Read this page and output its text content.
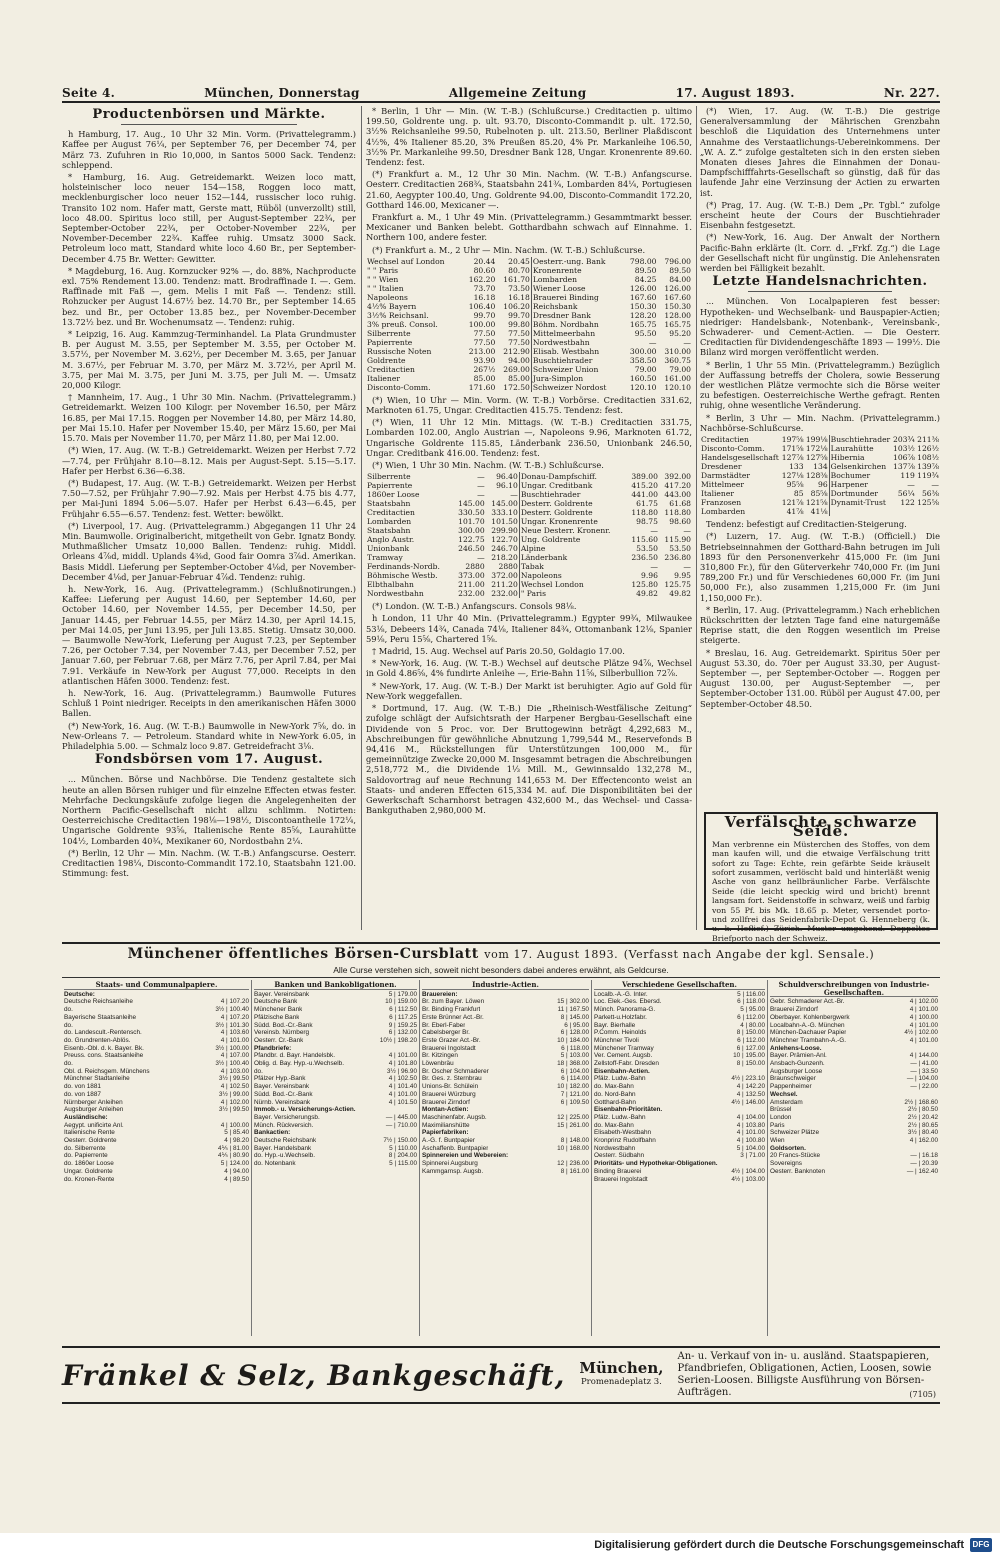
Seite 4.	München, Donnerstag	Allgemeine Zeitung	17. August 1893.	Nr. 227.
Productenbörsen und Märkte.

h Hamburg, 17. Aug., 10 Uhr 32 Min. Vorm. (Privattelegramm.) Kaffee per August 76¼, per September 76, per December 74, per März 73. Zufuhren in Rio 10,000, in Santos 5000 Sack. Tendenz: schleppend.

* Hamburg, 16. Aug. Getreidemarkt. Weizen loco matt, holsteinischer loco neuer 154—158, Roggen loco matt, mecklenburgischer loco neuer 152—144, russischer loco ruhig. Transito 102 nom. Hafer matt, Gerste matt, Rüböl (unverzollt) still, loco 48.00. Spiritus loco still, per August-September 22¾, per September-October 22¾, per October-November 22¾, per November-December 22¾. Kaffee ruhig. Umsatz 3000 Sack. Petroleum loco matt, Standard white loco 4.60 Br., per September-December 4.75 Br. Wetter: Gewitter.

* Magdeburg, 16. Aug. Kornzucker 92% —, do. 88%, Nachproducte exl. 75% Rendement 13.00. Tendenz: matt. Brodraffinade I. —. Gem. Raffinade mit Faß —, gem. Melis I mit Faß —. Tendenz: still. Rohzucker per August 14.67½ bez. 14.70 Br., per September 14.65 bez. und Br., per October 13.85 bez., per November-December 13.72½ bez. und Br. Wochenumsatz —. Tendenz: ruhig.

* Leipzig, 16. Aug. Kammzug-Terminhandel. La Plata Grundmuster B. per August M. 3.55, per September M. 3.55, per October M. 3.57½, per November M. 3.62½, per December M. 3.65, per Januar M. 3.67½, per Februar M. 3.70, per März M. 3.72½, per April M. 3.75, per Mai M. 3.75, per Juni M. 3.75, per Juli M. —. Umsatz 20,000 Kilogr.

† Mannheim, 17. Aug., 1 Uhr 30 Min. Nachm. (Privattelegramm.) Getreidemarkt. Weizen 100 Kilogr. per November 16.50, per März 16.85, per Mai 17.15. Roggen per November 14.80, per März 14.80, per Mai 15.10. Hafer per November 15.40, per März 15.60, per Mai 15.70. Mais per November 11.70, per März 11.80, per Mai 12.00.

(*) Wien, 17. Aug. (W. T.-B.) Getreidemarkt. Weizen per Herbst 7.72—7.74, per Frühjahr 8.10—8.12. Mais per August-Sept. 5.15—5.17. Hafer per Herbst 6.36—6.38.

(*) Budapest, 17. Aug. (W. T.-B.) Getreidemarkt. Weizen per Herbst 7.50—7.52, per Frühjahr 7.90—7.92. Mais per Herbst 4.75 bis 4.77, per Mai-Juni 1894 5.06—5.07. Hafer per Herbst 6.43—6.45, per Frühjahr 6.55—6.57. Tendenz: fest. Wetter: bewölkt.

(*) Liverpool, 17. Aug. (Privattelegramm.) Abgegangen 11 Uhr 24 Min. Baumwolle. Originalbericht, mitgetheilt von Gebr. Ignatz Bondy. Muthmaßlicher Umsatz 10,000 Ballen. Tendenz: ruhig. Middl. Orleans 4⅞d, middl. Uplands 4⅜d, Good fair Oomra 3⅞d. Amerikan. Basis Middl. Lieferung per September-October 4⅛d, per November-December 4⅛d, per Januar-Februar 4⅞d. Tendenz: ruhig.

h. New-York, 16. Aug. (Privattelegramm.) (Schlußnotirungen.) Kaffee: Lieferung per August 14.60, per September 14.60, per October 14.60, per November 14.55, per December 14.50, per Januar 14.45, per Februar 14.55, per März 14.30, per April 14.15, per Mai 14.05, per Juni 13.95, per Juli 13.85. Stetig. Umsatz 30,000. — Baumwolle New-York, Lieferung per August 7.23, per September 7.26, per October 7.34, per November 7.43, per December 7.52, per Januar 7.60, per Februar 7.68, per März 7.76, per April 7.84, per Mai 7.91. Verkäufe in New-York per August 77,000. Receipts in den atlantischen Häfen 3000. Tendenz: fest.

h. New-York, 16. Aug. (Privattelegramm.) Baumwolle Futures Schluß 1 Point niedriger. Receipts in den amerikanischen Häfen 3000 Ballen.

(*) New-York, 16. Aug. (W. T.-B.) Baumwolle in New-York 7⅝, do. in New-Orleans 7. — Petroleum. Standard white in New-York 6.05, in Philadelphia 5.00. — Schmalz loco 9.87. Getreidefracht 3⅛.

Fondsbörsen vom 17. August.

... München. Börse und Nachbörse. Die Tendenz gestaltete sich heute an allen Börsen ruhiger und für einzelne Effecten etwas fester. Mehrfache Deckungskäufe zufolge liegen die Angelegenheiten der Northern Pacific-Gesellschaft nicht allzu schlimm. Notirten: Oesterreichische Creditactien 198⅛—198½, Discontoantheile 172¼, Ungarische Goldrente 93⅝, Italienische Rente 85⅝, Laurahütte 104½, Lombarden 40¾, Mexikaner 60, Nordostbahn 2¼.

(*) Berlin, 12 Uhr — Min. Nachm. (W. T.-B.) Anfangscurse. Oesterr. Creditactien 198¼, Disconto-Commandit 172.10, Staatsbahn 121.00. Stimmung: fest.

* Berlin, 1 Uhr — Min. (W. T.-B.) (Schlußcurse.) Creditactien p. ultimo 199.50, Goldrente ung. p. ult. 93.70, Disconto-Commandit p. ult. 172.50, 3½% Reichsanleihe 99.50, Rubelnoten p. ult. 213.50, Berliner Plaßdiscont 4½%, 4% Italiener 85.20, 3% Preußen 85.20, 4% Pr. Markanleihe 106.50, 3½% Pr. Markanleihe 99.50, Dresdner Bank 128, Ungar. Kronenrente 89.60. Tendenz: fest.

(*) Frankfurt a. M., 12 Uhr 30 Min. Nachm. (W. T.-B.) Anfangscurse. Oesterr. Creditactien 268¾, Staatsbahn 241¾, Lombarden 84¼, Portugiesen 21.60, Aegypter 100.40, Ung. Goldrente 94.00, Disconto-Commandit 172.20, Gotthard 146.00, Mexicaner —.

Frankfurt a. M., 1 Uhr 49 Min. (Privattelegramm.) Gesammtmarkt besser. Mexicaner und Banken belebt. Gotthardbahn schwach auf Einnahme. 1. Northern 100, andere fester.

(*) Frankfurt a. M., 2 Uhr — Min. Nachm. (W. T.-B.) Schlußcurse.

Wechsel auf London	20.44	20.45	Oesterr.-ung. Bank	798.00	796.00
" " Paris	80.60	80.70	Kronenrente	89.50	89.50
" " Wien	162.20	161.70	Lombarden	84.25	84.00
" " Italien	73.70	73.50	Wiener Loose	126.00	126.00
Napoleons	16.18	16.18	Brauerei Binding	167.60	167.60
4½% Bayern	106.40	106.20	Reichsbank	150.30	150.30
3½% Reichsanl.	99.70	99.70	Dresdner Bank	128.20	128.00
3% preuß. Consol.	100.00	99.80	Böhm. Nordbahn	165.75	165.75
Silberrente	77.50	77.50	Mittelmeerbahn	95.50	95.20
Papierrente	77.50	77.50	Nordwestbahn	—	—
Russische Noten	213.00	212.90	Elisab. Westbahn	300.00	310.00
Goldrente	93.90	94.00	Buschtiehrader	358.50	360.75
Creditactien	267½	269.00	Schweizer Union	79.00	79.00
Italiener	85.00	85.00	Jura-Simplon	160.50	161.00
Disconto-Comm.	171.60	172.50	Schweizer Nordost	120.10	120.10

(*) Wien, 10 Uhr — Min. Vorm. (W. T.-B.) Vorbörse. Creditactien 331.62, Marknoten 61.75, Ungar. Creditactien 415.75. Tendenz: fest.

(*) Wien, 11 Uhr 12 Min. Mittags. (W. T.-B.) Creditactien 331.75, Lombarden 102.00, Anglo Austrian —, Napoleons 9.96, Marknoten 61.72, Ungarische Goldrente 115.85, Länderbank 236.50, Unionbank 246.50, Ungar. Creditbank 416.00. Tendenz: fest.

(*) Wien, 1 Uhr 30 Min. Nachm. (W. T.-B.) Schlußcurse.

Silberrente	—	96.40	Donau-Dampfschiff.	389.00	392.00
Papierrente	—	96.10	Ungar. Creditbank	415.20	417.20
1860er Loose	—	—	Buschtiehrader	441.00	443.00
Staatsbahn	145.00	145.00	Desterr. Goldrente	61.75	61.68
Creditactien	330.50	333.10	Desterr. Goldrente	118.80	118.80
Lombarden	101.70	101.50	Ungar. Kronenrente	98.75	98.60
Staatsbahn	300.00	299.90	Neue Desterr. Kronenr.	—	—
Anglo Austr.	122.75	122.70	Ung. Goldrente	115.60	115.90
Unionbank	246.50	246.70	Alpine	53.50	53.50
Tramway	—	218.20	Länderbank	236.50	236.80
Ferdinands-Nordb.	2880	2880	Tabak	—	—
Böhmische Westb.	373.00	372.00	Napoleons	9.96	9.95
Elbthalbahn	211.00	211.20	Wechsel London	125.80	125.75
Nordwestbahn	232.00	232.00	" Paris	49.82	49.82

(*) London. (W. T.-B.) Anfangscurs. Consols 98⅛.

h London, 11 Uhr 40 Min. (Privattelegramm.) Egypter 99¾, Milwaukee 53⅛, Debeers 14¾, Canada 74⅛, Italiener 84¾, Ottomanbank 12⅛, Spanier 59⅛, Peru 15⅝, Chartered 1⅝.

† Madrid, 15. Aug. Wechsel auf Paris 20.50, Goldagio 17.00.

* New-York, 16. Aug. (W. T.-B.) Wechsel auf deutsche Plätze 94⅞, Wechsel in Gold 4.86⅝, 4% fundirte Anleihe —, Erie-Bahn 11⅝, Silberbullion 72⅞.

* New-York, 17. Aug. (W. T.-B.) Der Markt ist beruhigter. Agio auf Gold für New-York weggefallen.

* Dortmund, 17. Aug. (W. T.-B.) Die „Rheinisch-Westfälische Zeitung“ zufolge schlägt der Aufsichtsrath der Harpener Bergbau-Gesellschaft eine Dividende von 5 Proc. vor. Der Bruttogewinn beträgt 4,292,683 M., Abschreibungen für gewöhnliche Abnutzung 1,799,544 M., Reservefonds B 94,416 M., Rückstellungen für Unterstützungen 100,000 M., für gemeinnützige Zwecke 20,000 M. Insgesammt betragen die Abschreibungen 2,518,772 M., die Dividende 1⅓ Mill. M., Gewinnsaldo 132,278 M., Saldovortrag auf neue Rechnung 141,653 M. Der Effectenconto weist an Staats- und anderen Effecten 615,334 M. auf. Die Disponibilitäten bei der Gewerkschaft Scharnhorst betragen 432,600 M., das Wechsel- und Cassa-Bankguthaben 2,980,000 M.

(*) Wien, 17. Aug. (W. T.-B.) Die gestrige Generalversammlung der Mährischen Grenzbahn beschloß die Liquidation des Unternehmens unter Annahme des Verstaatlichungs-Uebereinkommens. Der „W. A. Z.“ zufolge gestalteten sich in den ersten sieben Monaten dieses Jahres die Einnahmen der Donau-Dampfschifffahrts-Gesellschaft so günstig, daß für das laufende Jahr eine Verzinsung der Actien zu erwarten ist.

(*) Prag, 17. Aug. (W. T.-B.) Dem „Pr. Tgbl.“ zufolge erscheint heute der Cours der Buschtiehrader Eisenbahn festgesetzt.

(*) New-York, 16. Aug. Der Anwalt der Northern Pacific-Bahn erklärte (lt. Corr. d. „Frkf. Zg.“) die Lage der Gesellschaft nicht für ungünstig. Die Anlehensraten werden bei Fälligkeit bezahlt.

Letzte Handelsnachrichten.

... München. Von Localpapieren fest besser: Hypotheken- und Wechselbank- und Bauspapier-Actien; niedriger: Handelsbank-, Notenbank-, Vereinsbank-, Schwaderer- und Cement-Actien. — Die Oesterr. Creditactien für Dividendengeschäfte 1893 — 199½. Die Bilanz wird morgen veröffentlicht werden.

* Berlin, 1 Uhr 55 Min. (Privattelegramm.) Bezüglich der Auffassung betreffs der Cholera, sowie Besserung der westlichen Plätze vermochte sich die Börse weiter zu befestigen. Oesterreichische Werthe gefragt. Renten ruhig, ohne wesentliche Veränderung.

* Berlin, 3 Uhr — Min. Nachm. (Privattelegramm.) Nachbörse-Schlußcurse.

Creditactien	197⅝	199⅛	Buschtiehrader	203¾	211⅜
Disconto-Comm.	171⅝	172⅛	Laurahütte	103½	126½
Handelsgesellschaft	127⅞	127⅝	Hibernia	106⅞	108½
Dresdener	133	134	Gelsenkirchen	137⅞	139⅞
Darmstädter	127⅛	128⅜	Bochumer	119	119¾
Mittelmeer	95⅝	96	Harpener	—	—
Italiener	85	85⅝	Dortmunder	56¼	56⅜
Franzosen	121⅞	121⅝	Dynamit-Trust	122	125⅝
Lombarden	41⅞	41⅛			

Tendenz: befestigt auf Creditactien-Steigerung.

(*) Luzern, 17. Aug. (W. T.-B.) (Officiell.) Die Betriebseinnahmen der Gotthard-Bahn betrugen im Juli 1893 für den Personenverkehr 415,000 Fr. (im Juni 310,800 Fr.), für den Güterverkehr 740,000 Fr. (im Juni 789,200 Fr.) und für Verschiedenes 60,000 Fr. (im Juni 50,000 Fr.), also zusammen 1,215,000 Fr. (im Juni 1,150,000 Fr.).

* Berlin, 17. Aug. (Privattelegramm.) Nach erheblichen Rückschritten der letzten Tage fand eine naturgemäße Reprise statt, die den Roggen wesentlich im Preise steigerte.

* Breslau, 16. Aug. Getreidemarkt. Spiritus 50er per August 53.30, do. 70er per August 33.30, per August-September —, per September-October —. Roggen per August 130.00, per August-September —, per September-October 131.00. Rüböl per August 47.00, per September-October 48.50.

Verfälschte schwarze Seide.
Man verbrenne ein Müsterchen des Stoffes, von dem man kaufen will, und die etwaige Verfälschung tritt sofort zu Tage: Echte, rein gefärbte Seide kräuselt sofort zusammen, verlöscht bald und hinterläßt wenig Asche von ganz hellbräunlicher Farbe. Verfälschte Seide (die leicht speckig wird und bricht) brennt langsam fort. Seidenstoffe in schwarz, weiß und farbig von 55 Pf. bis Mk. 18.65 p. Meter, versendet porto- und zollfrei das Seidenfabrik-Depot G. Henneberg (k. u. k. Hoflief.) Zürich. Muster umgehend. Doppeltes Briefporto nach der Schweiz.
Münchener öffentliches Börsen-Cursblatt vom 17. August 1893. (Verfasst nach Angabe der kgl. Sensale.)
Alle Curse verstehen sich, soweit nicht besonders dabei anderes erwähnt, als Geldcurse.
Staats- und Communalpapiere.
Deutsche:
Deutsche Reichsanleihe	4 | 107.20
do.	3½ | 100.40
Bayerische Staatsanleihe	4 | 107.20
do.	3½ | 101.30
do. Landescult.-Rentensch.	4 | 103.60
do. Grundrenten-Ablös.	4 | 101.00
Eisenb.-Obl. d. k. Bayer. Bk.	3½ | 100.00
Preuss. cons. Staatsanleihe	4 | 107.00
do.	3½ | 100.40
Obl. d. Reichsgem. Münchens	4 | 103.00
Münchner Stadtanleihe	3½ | 99.50
do. von 1881	4 | 102.50
do. von 1887	3½ | 99.00
Nürnberger Anleihen	4 | 102.00
Augsburger Anleihen	3½ | 99.50
Ausländische:
Aegypt. unificirte Anl.	4 | 100.00
Italienische Rente	5 | 85.40
Oesterr. Goldrente	4 | 98.20
do. Silberrente	4⅕ | 81.00
do. Papierrente	4⅕ | 80.90
do. 1860er Loose	5 | 124.00
Ungar. Goldrente	4 | 94.00
do. Kronen-Rente	4 | 89.50
Banken und Bankobligationen.
Bayer. Vereinsbank	5 | 179.00
Deutsche Bank	10 | 159.00
Münchener Bank	6 | 112.50
Pfälzische Bank	6 | 117.25
Südd. Bod.-Cr.-Bank	9 | 159.25
Vereinsb. Nürnberg	6 | 132.00
Oesterr. Cr.-Bank	10½ | 198.20
Pfandbriefe:
Pfandbr. d. Bayr. Handelsbk.	4 | 101.00
Oblig. d. Bay. Hyp.-u.Wechselb.	4 | 101.80
do.	3½ | 96.90
Pfälzer Hyp.-Bank	4 | 102.50
Bayer. Vereinsbank	4 | 101.40
Südd. Bod.-Cr.-Bank	4 | 101.00
Nürnb. Vereinsbank	4 | 101.50
Immob.- u. Versicherungs-Actien.
Bayer. Versicherungsb.	— | 445.00
Münch. Rückversich.	— | 710.00
Bankactien:
Deutsche Reichsbank	7½ | 150.00
Bayer. Handelsbank	5 | 110.00
do. Hyp.-u.Wechselb.	8 | 204.00
do. Notenbank	5 | 115.00
Industrie-Actien.
Brauereien:
Br. zum Bayer. Löwen	15 | 302.00
Br. Binding Frankfurt	11 | 167.50
Erste Brünner Act.-Br.	8 | 145.00
Br. Eberl-Faber	6 | 95.00
Cabelsberger Br.	6 | 128.00
Erste Grazer Act.-Br.	10 | 184.00
Brauerei Ingolstadt	6 | 118.00
Br. Kitzingen	5 | 103.00
Löwenbräu	18 | 368.00
Br. Oscher Schmaderer	6 | 104.00
Br. Ges. z. Sternbrau	6 | 114.00
Unions-Br. Schülein	10 | 182.00
Brauerei Würzburg	7 | 121.00
Brauerei Zirndorf	6 | 109.50
Montan-Actien:
Maschinenfabr. Augsb.	12 | 225.00
Maximilianshütte	15 | 261.00
Papierfabriken:
A.-G. f. Buntpapier	8 | 148.00
Aschaffenb. Buntpapier	10 | 168.00
Spinnereien und Webereien:
Spinnerei Augsburg	12 | 236.00
Kammgarnsp. Augsb.	8 | 161.00
Verschiedene Gesellschaften.
Localb.-A.-G. Inter.	5 | 116.00
Loc. Elek.-Ges. Ebersd.	6 | 118.00
Münch. Panorama-G.	5 | 95.00
Parkett-u.Holzfabr.	6 | 112.00
Bayr. Bierhalle	4 | 80.00
P.Comm. Heinolds	8 | 150.00
Münchner Tivoli	6 | 112.00
Münchener Tramway	6 | 127.00
Ver. Cement. Augsb.	10 | 195.00
Zellstoff-Fabr. Dresden	8 | 150.00
Eisenbahn-Actien.
Pfälz. Ludw.-Bahn	4½ | 223.10
do. Max-Bahn	4 | 142.20
do. Nord-Bahn	4 | 132.50
Gotthard-Bahn	4½ | 146.00
Eisenbahn-Prioritäten.
Pfälz. Ludw.-Bahn	4 | 104.00
do. Max-Bahn	4 | 103.80
Elisabeth-Westbahn	4 | 101.00
Kronprinz Rudolfbahn	4 | 100.80
Nordwestbahn	5 | 104.00
Oesterr. Südbahn	3 | 71.00
Prioritäts- und Hypothekar-Obligationen.
Binding Brauerei	4½ | 104.00
Brauerei Ingolstadt	4½ | 103.00
Schuldverschreibungen von Industrie-Gesellschaften.
Gebr. Schmaderer Act.-Br.	4 | 102.00
Brauerei Zirndorf	4 | 101.00
Oberbayer. Kohlenbergwerk	4 | 100.00
Localbahn-A.-G. München	4 | 101.00
München-Dachauer Papier	4½ | 102.00
Münchner Trambahn-A.-G.	4 | 101.00
Anlehens-Loose.
Bayer. Prämien-Anl.	4 | 144.00
Ansbach-Gunzenh.	— | 41.00
Augsburger Loose	— | 33.50
Braunschweiger	— | 104.00
Pappenheimer	— | 22.00
Wechsel.
Amsterdam	2½ | 168.60
Brüssel	2½ | 80.50
London	2½ | 20.42
Paris	2½ | 80.65
Schweizer Plätze	3½ | 80.40
Wien	4 | 162.00
Goldsorten.
20 Francs-Stücke	— | 16.18
Sovereigns	— | 20.39
Oesterr. Banknoten	— | 162.40
Fränkel & Selz, Bankgeschäft, München,
Promenadeplatz 3.
An- u. Verkauf von in- u. ausländ. Staatspapieren, Pfandbriefen, Obligationen, Actien, Loosen, sowie Serien-Loosen. Billigste Ausführung von Börsen-Aufträgen.	(7105)
Digitalisierung gefördert durch die Deutsche Forschungsgemeinschaft	DFG
